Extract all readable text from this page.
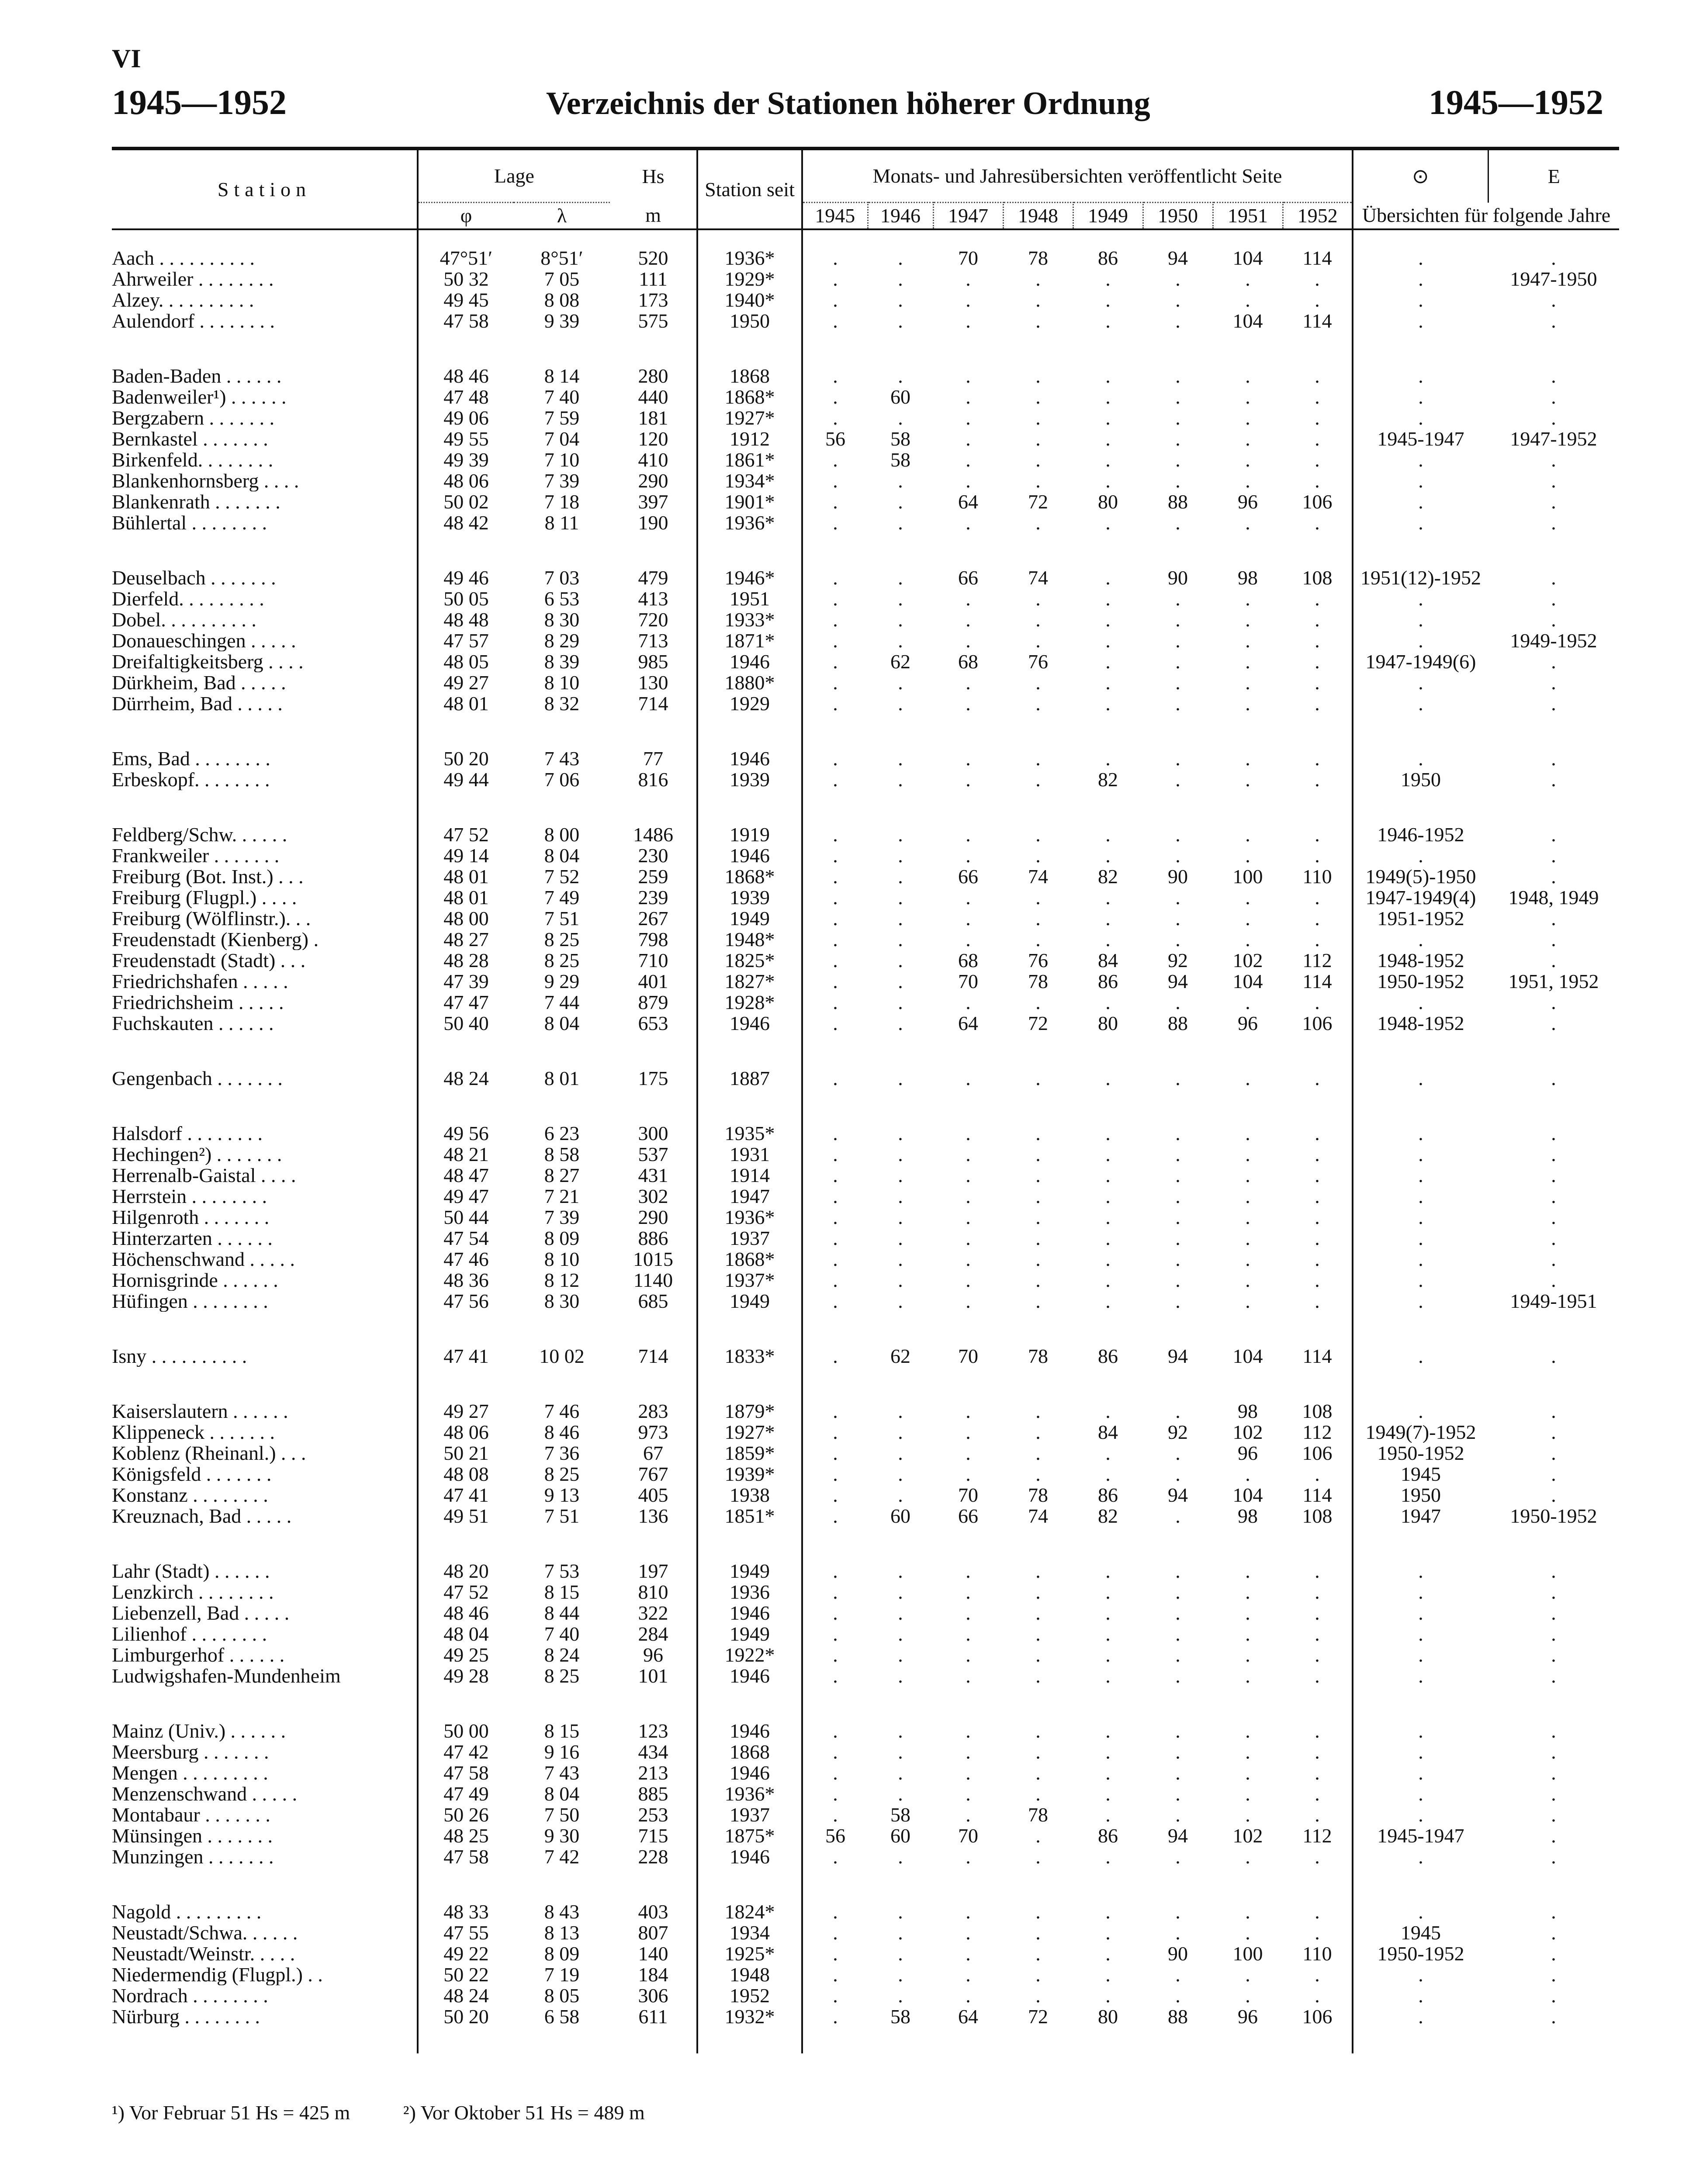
VI
1945—1952	Verzeichnis der Stationen höherer Ordnung	1945—1952
Station	Lage		Hs	Station seit	Monats- und Jahresübersichten veröffentlicht Seite								⊙	E
	φ	λ	m		1945	1946	1947	1948	1949	1950	1951	1952	Übersichten für folgende Jahre	

Aach . . . . . . . . . .	47°51′	8°51′	520	1936*	.	.	70	78	86	94	104	114	.	.
Ahrweiler . . . . . . . .	50 32	7 05	111	1929*	.	.	.	.	.	.	.	.	.	1947-1950
Alzey. . . . . . . . . .	49 45	8 08	173	1940*	.	.	.	.	.	.	.	.	.	.
Aulendorf . . . . . . . .	47 58	9 39	575	1950	.	.	.	.	.	.	104	114	.	.

Baden-Baden . . . . . .	48 46	8 14	280	1868	.	.	.	.	.	.	.	.	.	.
Badenweiler¹) . . . . . .	47 48	7 40	440	1868*	.	60	.	.	.	.	.	.	.	.
Bergzabern . . . . . . .	49 06	7 59	181	1927*	.	.	.	.	.	.	.	.	.	.
Bernkastel . . . . . . .	49 55	7 04	120	1912	56	58	.	.	.	.	.	.	1945-1947	1947-1952
Birkenfeld. . . . . . . .	49 39	7 10	410	1861*	.	58	.	.	.	.	.	.	.	.
Blankenhornsberg . . . .	48 06	7 39	290	1934*	.	.	.	.	.	.	.	.	.	.
Blankenrath . . . . . . .	50 02	7 18	397	1901*	.	.	64	72	80	88	96	106	.	.
Bühlertal . . . . . . . .	48 42	8 11	190	1936*	.	.	.	.	.	.	.	.	.	.

Deuselbach . . . . . . .	49 46	7 03	479	1946*	.	.	66	74	.	90	98	108	1951(12)-1952	.
Dierfeld. . . . . . . . .	50 05	6 53	413	1951	.	.	.	.	.	.	.	.	.	.
Dobel. . . . . . . . . .	48 48	8 30	720	1933*	.	.	.	.	.	.	.	.	.	.
Donaueschingen . . . . .	47 57	8 29	713	1871*	.	.	.	.	.	.	.	.	.	1949-1952
Dreifaltigkeitsberg . . . .	48 05	8 39	985	1946	.	62	68	76	.	.	.	.	1947-1949(6)	.
Dürkheim, Bad . . . . .	49 27	8 10	130	1880*	.	.	.	.	.	.	.	.	.	.
Dürrheim, Bad . . . . .	48 01	8 32	714	1929	.	.	.	.	.	.	.	.	.	.

Ems, Bad . . . . . . . .	50 20	7 43	77	1946	.	.	.	.	.	.	.	.	.	.
Erbeskopf. . . . . . . .	49 44	7 06	816	1939	.	.	.	.	82	.	.	.	1950	.

Feldberg/Schw. . . . . .	47 52	8 00	1486	1919	.	.	.	.	.	.	.	.	1946-1952	.
Frankweiler . . . . . . .	49 14	8 04	230	1946	.	.	.	.	.	.	.	.	.	.
Freiburg (Bot. Inst.) . . .	48 01	7 52	259	1868*	.	.	66	74	82	90	100	110	1949(5)-1950	.
Freiburg (Flugpl.) . . . .	48 01	7 49	239	1939	.	.	.	.	.	.	.	.	1947-1949(4)	1948, 1949
Freiburg (Wölflinstr.). . .	48 00	7 51	267	1949	.	.	.	.	.	.	.	.	1951-1952	.
Freudenstadt (Kienberg) .	48 27	8 25	798	1948*	.	.	.	.	.	.	.	.	.	.
Freudenstadt (Stadt) . . .	48 28	8 25	710	1825*	.	.	68	76	84	92	102	112	1948-1952	.
Friedrichshafen . . . . .	47 39	9 29	401	1827*	.	.	70	78	86	94	104	114	1950-1952	1951, 1952
Friedrichsheim . . . . .	47 47	7 44	879	1928*	.	.	.	.	.	.	.	.	.	.
Fuchskauten . . . . . .	50 40	8 04	653	1946	.	.	64	72	80	88	96	106	1948-1952	.

Gengenbach . . . . . . .	48 24	8 01	175	1887	.	.	.	.	.	.	.	.	.	.

Halsdorf . . . . . . . .	49 56	6 23	300	1935*	.	.	.	.	.	.	.	.	.	.
Hechingen²) . . . . . . .	48 21	8 58	537	1931	.	.	.	.	.	.	.	.	.	.
Herrenalb-Gaistal . . . .	48 47	8 27	431	1914	.	.	.	.	.	.	.	.	.	.
Herrstein . . . . . . . .	49 47	7 21	302	1947	.	.	.	.	.	.	.	.	.	.
Hilgenroth . . . . . . .	50 44	7 39	290	1936*	.	.	.	.	.	.	.	.	.	.
Hinterzarten . . . . . .	47 54	8 09	886	1937	.	.	.	.	.	.	.	.	.	.
Höchenschwand . . . . .	47 46	8 10	1015	1868*	.	.	.	.	.	.	.	.	.	.
Hornisgrinde . . . . . .	48 36	8 12	1140	1937*	.	.	.	.	.	.	.	.	.	.
Hüfingen . . . . . . . .	47 56	8 30	685	1949	.	.	.	.	.	.	.	.	.	1949-1951

Isny . . . . . . . . . .	47 41	10 02	714	1833*	.	62	70	78	86	94	104	114	.	.

Kaiserslautern . . . . . .	49 27	7 46	283	1879*	.	.	.	.	.	.	98	108	.	.
Klippeneck . . . . . . .	48 06	8 46	973	1927*	.	.	.	.	84	92	102	112	1949(7)-1952	.
Koblenz (Rheinanl.) . . .	50 21	7 36	67	1859*	.	.	.	.	.	.	96	106	1950-1952	.
Königsfeld . . . . . . .	48 08	8 25	767	1939*	.	.	.	.	.	.	.	.	1945	.
Konstanz . . . . . . . .	47 41	9 13	405	1938	.	.	70	78	86	94	104	114	1950	.
Kreuznach, Bad . . . . .	49 51	7 51	136	1851*	.	60	66	74	82	.	98	108	1947	1950-1952

Lahr (Stadt) . . . . . .	48 20	7 53	197	1949	.	.	.	.	.	.	.	.	.	.
Lenzkirch . . . . . . . .	47 52	8 15	810	1936	.	.	.	.	.	.	.	.	.	.
Liebenzell, Bad . . . . .	48 46	8 44	322	1946	.	.	.	.	.	.	.	.	.	.
Lilienhof . . . . . . . .	48 04	7 40	284	1949	.	.	.	.	.	.	.	.	.	.
Limburgerhof . . . . . .	49 25	8 24	96	1922*	.	.	.	.	.	.	.	.	.	.
Ludwigshafen-Mundenheim	49 28	8 25	101	1946	.	.	.	.	.	.	.	.	.	.

Mainz (Univ.) . . . . . .	50 00	8 15	123	1946	.	.	.	.	.	.	.	.	.	.
Meersburg . . . . . . .	47 42	9 16	434	1868	.	.	.	.	.	.	.	.	.	.
Mengen . . . . . . . . .	47 58	7 43	213	1946	.	.	.	.	.	.	.	.	.	.
Menzenschwand . . . . .	47 49	8 04	885	1936*	.	.	.	.	.	.	.	.	.	.
Montabaur . . . . . . .	50 26	7 50	253	1937	.	58	.	78	.	.	.	.	.	.
Münsingen . . . . . . .	48 25	9 30	715	1875*	56	60	70	.	86	94	102	112	1945-1947	.
Munzingen . . . . . . .	47 58	7 42	228	1946	.	.	.	.	.	.	.	.	.	.

Nagold . . . . . . . . .	48 33	8 43	403	1824*	.	.	.	.	.	.	.	.	.	.
Neustadt/Schwa. . . . . .	47 55	8 13	807	1934	.	.	.	.	.	.	.	.	1945	.
Neustadt/Weinstr. . . . .	49 22	8 09	140	1925*	.	.	.	.	.	90	100	110	1950-1952	.
Niedermendig (Flugpl.) . .	50 22	7 19	184	1948	.	.	.	.	.	.	.	.	.	.
Nordrach . . . . . . . .	48 24	8 05	306	1952	.	.	.	.	.	.	.	.	.	.
Nürburg . . . . . . . .	50 20	6 58	611	1932*	.	58	64	72	80	88	96	106	.	.

¹) Vor Februar 51 Hs = 425 m	²) Vor Oktober 51 Hs = 489 m
